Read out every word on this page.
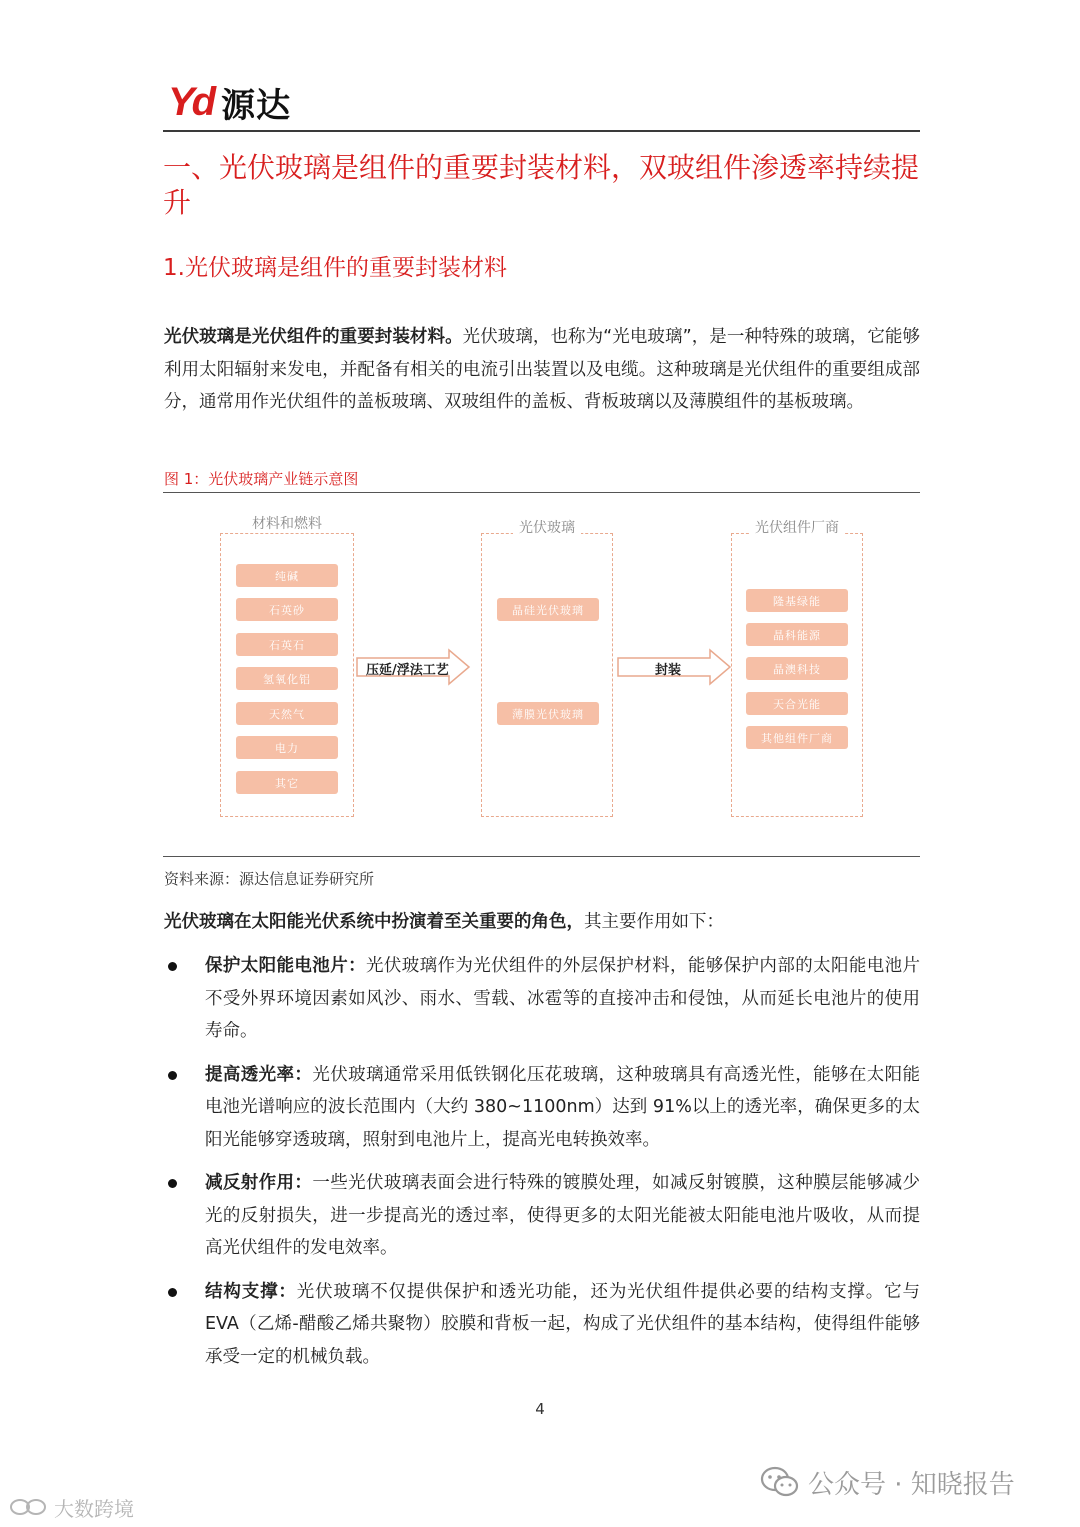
Yd 源达
一、光伏玻璃是组件的重要封装材料，双玻组件渗透率持续提升
1.光伏玻璃是组件的重要封装材料
光伏玻璃是光伏组件的重要封装材料。光伏玻璃，也称为“光电玻璃”，是一种特殊的玻璃，它能够利用太阳辐射来发电，并配备有相关的电流引出装置以及电缆。这种玻璃是光伏组件的重要组成部分，通常用作光伏组件的盖板玻璃、双玻组件的盖板、背板玻璃以及薄膜组件的基板玻璃。
图 1：光伏玻璃产业链示意图
材料和燃料
纯碱
石英砂
石英石
氢氧化铝
天然气
电力
其它
压延/浮法工艺
光伏玻璃
晶硅光伏玻璃
薄膜光伏玻璃
封装
光伏组件厂商
隆基绿能
晶科能源
晶澳科技
天合光能
其他组件厂商
资料来源：源达信息证券研究所
光伏玻璃在太阳能光伏系统中扮演着至关重要的角色，其主要作用如下：
保护太阳能电池片：光伏玻璃作为光伏组件的外层保护材料，能够保护内部的太阳能电池片不受外界环境因素如风沙、雨水、雪载、冰雹等的直接冲击和侵蚀，从而延长电池片的使用寿命。
提高透光率：光伏玻璃通常采用低铁钢化压花玻璃，这种玻璃具有高透光性，能够在太阳能电池光谱响应的波长范围内（大约 380~1100nm）达到 91%以上的透光率，确保更多的太阳光能够穿透玻璃，照射到电池片上，提高光电转换效率。
减反射作用：一些光伏玻璃表面会进行特殊的镀膜处理，如减反射镀膜，这种膜层能够减少光的反射损失，进一步提高光的透过率，使得更多的太阳光能被太阳能电池片吸收，从而提高光伏组件的发电效率。
结构支撑：光伏玻璃不仅提供保护和透光功能，还为光伏组件提供必要的结构支撑。它与 EVA（乙烯-醋酸乙烯共聚物）胶膜和背板一起，构成了光伏组件的基本结构，使得组件能够承受一定的机械负载。
4
公众号 · 知晓报告
大数跨境
